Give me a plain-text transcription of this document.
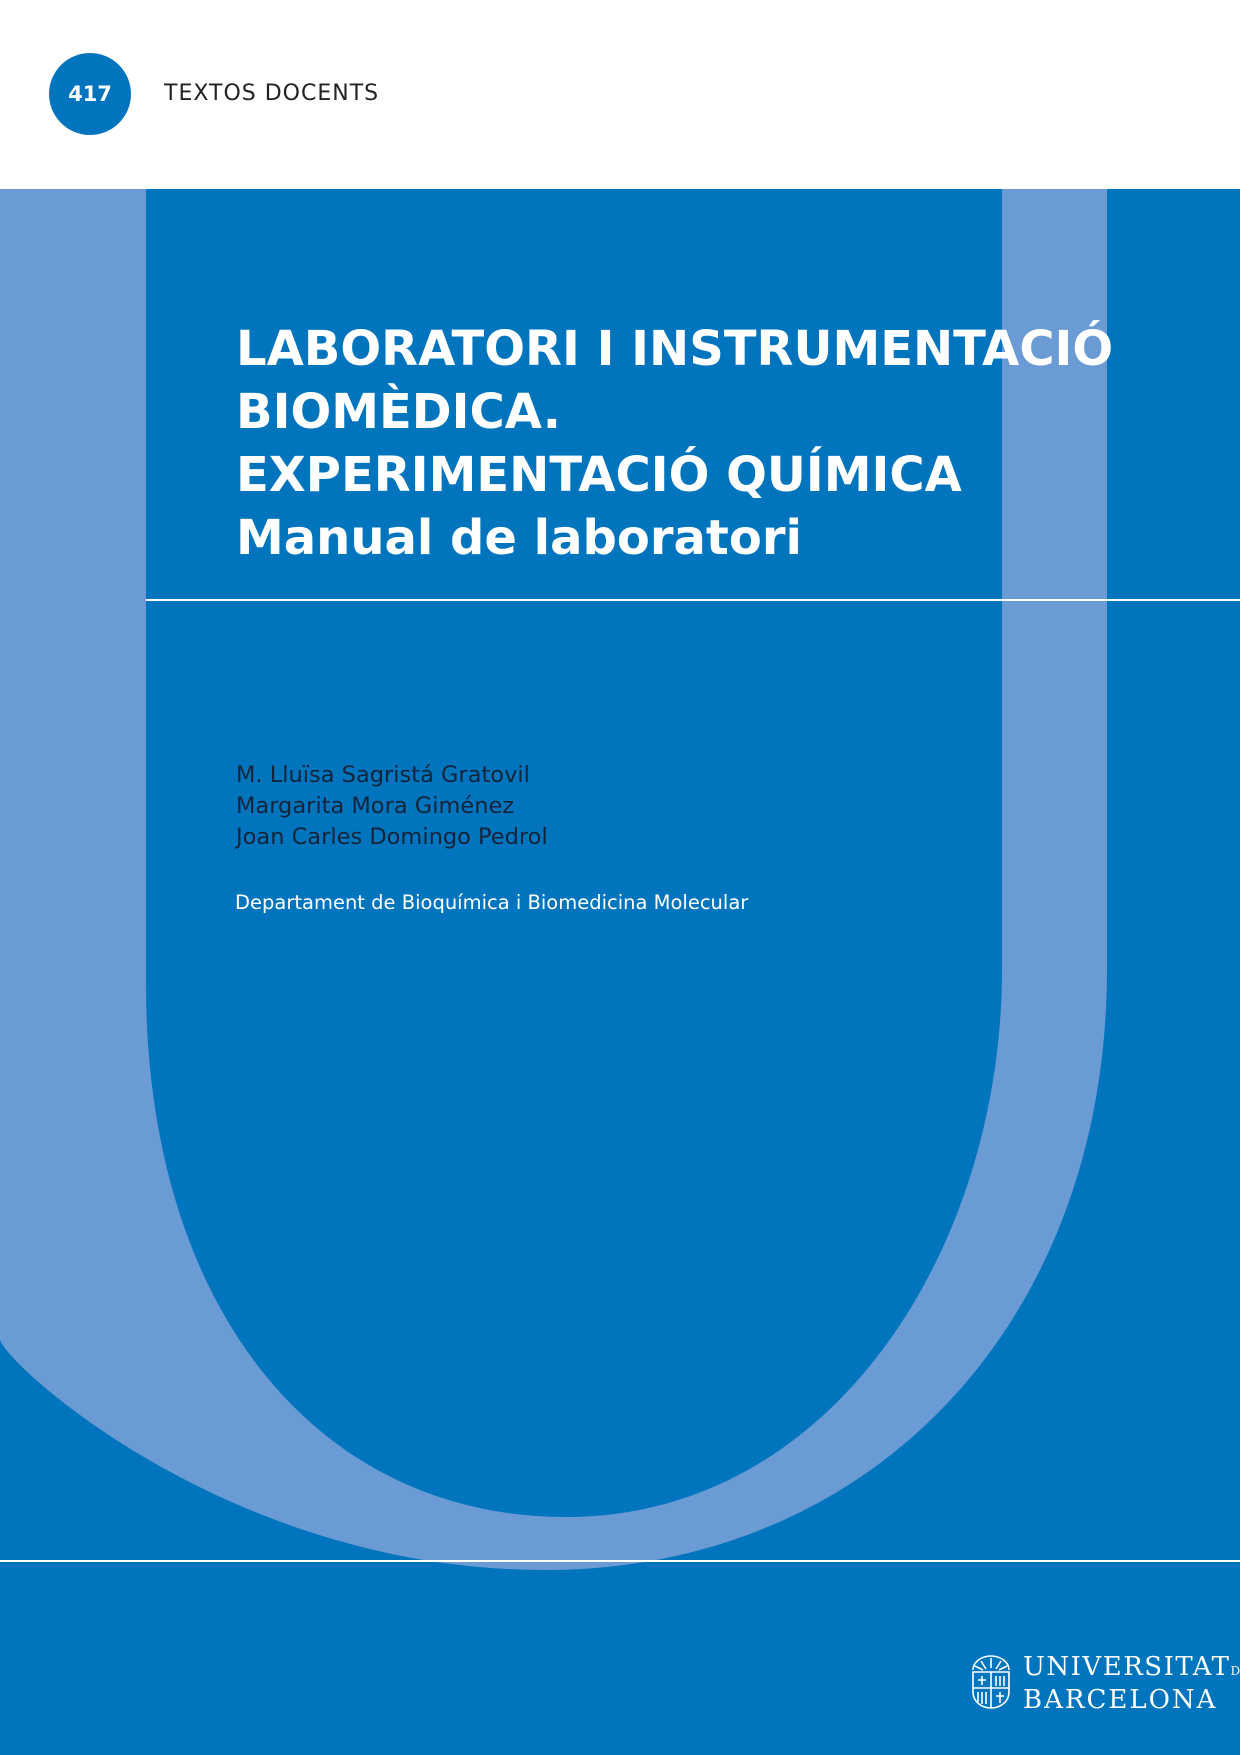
417	TEXTOS DOCENTS
LABORATORI I INSTRUMENTACIÓ
BIOMÈDICA.
EXPERIMENTACIÓ QUÍMICA
Manual de laboratori
M. Lluïsa Sagristá Gratovil
Margarita Mora Giménez
Joan Carles Domingo Pedrol
Departament de Bioquímica i Biomedicina Molecular
UNIVERSITATDE
BARCELONA
